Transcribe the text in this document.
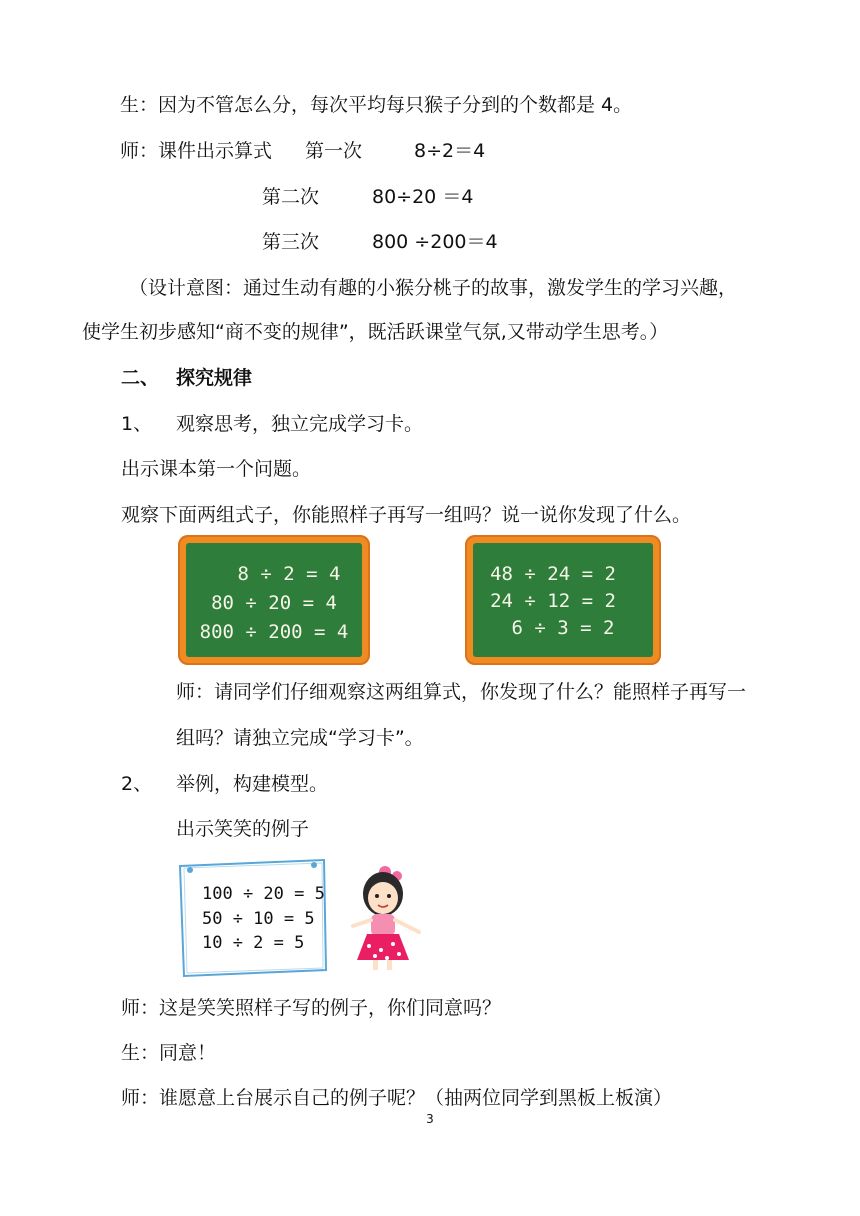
生：因为不管怎么分，每次平均每只猴子分到的个数都是 4。
师：课件出示算式 第一次	8÷2＝4
第二次	80÷20 ＝4
第三次	800 ÷200＝4
（设计意图：通过生动有趣的小猴分桃子的故事，激发学生的学习兴趣，
使学生初步感知“商不变的规律”，既活跃课堂气氛,又带动学生思考。）
二、 探究规律
1、 观察思考，独立完成学习卡。
出示课本第一个问题。
观察下面两组式子，你能照样子再写一组吗？说一说你发现了什么。
8 ÷ 2 = 4
80 ÷ 20 = 4
800 ÷ 200 = 4
48 ÷ 24 = 2
24 ÷ 12 = 2
6 ÷ 3 = 2
师：请同学们仔细观察这两组算式，你发现了什么？能照样子再写一
组吗？请独立完成“学习卡”。
2、 举例，构建模型。
出示笑笑的例子
100 ÷ 20 = 5
50 ÷ 10 = 5
10 ÷ 2 = 5
师：这是笑笑照样子写的例子，你们同意吗？
生：同意！
师：谁愿意上台展示自己的例子呢？（抽两位同学到黑板上板演）
3
